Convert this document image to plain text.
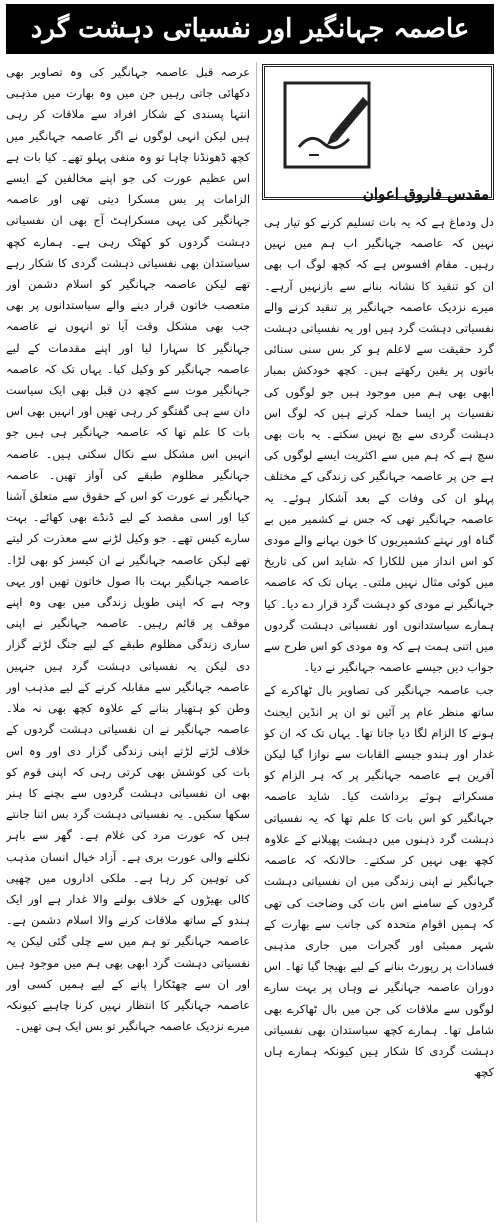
عاصمہ جہانگیر اور نفسیاتی دہشت گرد
مقدس فاروق اعوان

دل ودماغ ہے کہ یہ بات تسلیم کرنے کو تیار ہی نہیں کہ عاصمہ جہانگیر اب ہم میں نہیں رہیں۔ مقام افسوس ہے کہ کچھ لوگ اب بھی ان کو تنقید کا نشانہ بنانے سے بازنہیں آرہے۔ میرے نزدیک عاصمہ جہانگیر پر تنقید کرنے والے نفسیاتی دہشت گرد ہیں اور یہ نفسیاتی دہشت گرد حقیقت سے لاعلم ہو کر بس سنی سنائی باتوں پر یقین رکھتے ہیں۔ کچھ خودکش بمبار ابھی بھی ہم میں موجود ہیں جو لوگوں کی نفسیات پر ایسا حملہ کرتے ہیں کہ لوگ اس دہشت گردی سے بچ نہیں سکتے۔ یہ بات بھی سچ ہے کہ ہم میں سے اکثریت ایسے لوگوں کی ہے جن پر عاصمہ جہانگیر کی زندگی کے مختلف پہلو ان کی وفات کے بعد آشکار ہوئے۔ یہ عاصمہ جہانگیر تھی کہ جس نے کشمیر میں بے گناہ اور نہتے کشمیریوں کا خون بہانے والے مودی کو اس انداز میں للکارا کہ شاید اس کی تاریخ میں کوئی مثال نہیں ملتی۔ یہاں تک کہ عاصمہ جہانگیر نے مودی کو دہشت گرد قرار دے دیا۔ کیا ہمارے سیاستدانوں اور نفسیاتی دہشت گردوں میں اتنی ہمت ہے کہ وہ مودی کو اس طرح سے جواب دیں جیسے عاصمہ جہانگیر نے دیا۔

جب عاصمہ جہانگیر کی تصاویر بال ٹھاکرے کے ساتھ منظر عام پر آئیں تو ان پر انڈین ایجنٹ ہونے کا الزام لگا دیا جاتا تھا۔ یہاں تک کہ ان کو غدار اور ہندو جیسے القابات سے نوازا گیا لیکن آفرین ہے عاصمہ جہانگیر پر کہ ہر الزام کو مسکراتے ہوئے برداشت کیا۔ شاید عاصمہ جہانگیر کو اس بات کا علم تھا کہ یہ نفسیاتی دہشت گرد ذہنوں میں دہشت پھیلانے کے علاوہ کچھ بھی نہیں کر سکتے۔ حالانکہ کہ عاصمہ جہانگیر نے اپنی زندگی میں ان نفسیاتی دہشت گردوں کے سامنے اس بات کی وضاحت کی تھی کہ ہمیں اقوام متحدہ کی جانب سے بھارت کے شہر ممبئی اور گجرات میں جاری مذہبی فسادات پر رپورٹ بنانے کے لیے بھیجا گیا تھا۔ اس دوران عاصمہ جہانگیر نے وہاں پر بہت سارے لوگوں سے ملاقات کی جن میں بال ٹھاکرے بھی شامل تھا۔ ہمارے کچھ سیاستدان بھی نفسیاتی دہشت گردی کا شکار ہیں کیونکہ ہمارے ہاں کچھ

عرصہ قبل عاصمہ جہانگیر کی وہ تصاویر بھی دکھائی جاتی رہیں جن میں وہ بھارت میں مذہبی انتہا پسندی کے شکار افراد سے ملاقات کر رہی ہیں لیکن انہی لوگوں نے اگر عاصمہ جہانگیر میں کچھ ڈھونڈنا چاہا تو وہ منفی پہلو تھے۔ کیا بات ہے اس عظیم عورت کی جو اپنے مخالفین کے ایسے الزامات پر بس مسکرا دیتی تھی اور عاصمہ جہانگیر کی یہی مسکراہٹ آج بھی ان نفسیاتی دہشت گردوں کو کھٹک رہی ہے۔ ہمارے کچھ سیاستدان بھی نفسیاتی دہشت گردی کا شکار رہے تھے لیکن عاصمہ جہانگیر کو اسلام دشمن اور متعصب خاتون قرار دینے والے سیاستدانوں پر بھی جب بھی مشکل وقت آیا تو انہوں نے عاصمہ جہانگیر کا سہارا لیا اور اپنے مقدمات کے لیے عاصمہ جہانگیر کو وکیل کیا۔ یہاں تک کہ عاصمہ جہانگیر موت سے کچھ دن قبل بھی ایک سیاست دان سے ہی گفتگو کر رہی تھیں اور انہیں بھی اس بات کا علم تھا کہ عاصمہ جہانگیر ہی ہیں جو انہیں اس مشکل سے نکال سکتی ہیں۔ عاصمہ جہانگیر مظلوم طبقے کی آواز تھیں۔ عاصمہ جہانگیر نے عورت کو اس کے حقوق سے متعلق آشنا کیا اور اسی مقصد کے لیے ڈنڈے بھی کھائے۔ بہت سارے کیس تھے۔ جو وکیل لڑنے سے معذرت کر لیتے تھے لیکن عاصمہ جہانگیر نے ان کیسز کو بھی لڑا۔ عاصمہ جہانگیر بہت باا صول خاتون تھیں اور یہی وجہ ہے کہ اپنی طویل زندگی میں بھی وہ اپنے موقف پر قائم رہیں۔ عاصمہ جہانگیر نے اپنی ساری زندگی مظلوم طبقے کے لیے جنگ لڑتے گزار دی لیکن یہ نفسیاتی دہشت گرد ہیں جنہیں عاصمہ جہانگیر سے مقابلہ کرنے کے لیے مذہب اور وطن کو ہتھیار بنانے کے علاوہ کچھ بھی نہ ملا۔ عاصمہ جہانگیر نے ان نفسیاتی دہشت گردوں کے خلاف لڑتے لڑتے اپنی زندگی گزار دی اور وہ اس بات کی کوشش بھی کرتی رہی کہ اپنی قوم کو بھی ان نفسیاتی دہشت گردوں سے بچنے کا ہنر سکھا سکیں۔ یہ نفسیاتی دہشت گرد بس اتنا جانتے ہیں کہ عورت مرد کی غلام ہے۔ گھر سے باہر نکلنے والی عورت بری ہے۔ آزاد خیال انسان مذہب کی توہین کر رہا ہے۔ ملکی اداروں میں چھپی کالی بھیڑوں کے خلاف بولنے والا غدار ہے اور ایک ہندو کے ساتھ ملاقات کرنے والا اسلام دشمن ہے۔ عاصمہ جہانگیر تو ہم میں سے چلی گئی لیکن یہ نفسیاتی دہشت گرد ابھی بھی ہم میں موجود ہیں اور ان سے چھٹکارا پانے کے لیے ہمیں کسی اور عاصمہ جہانگیر کا انتظار نہیں کرنا چاہیے کیونکہ میرے نزدیک عاصمہ جہانگیر تو بس ایک ہی تھیں۔
